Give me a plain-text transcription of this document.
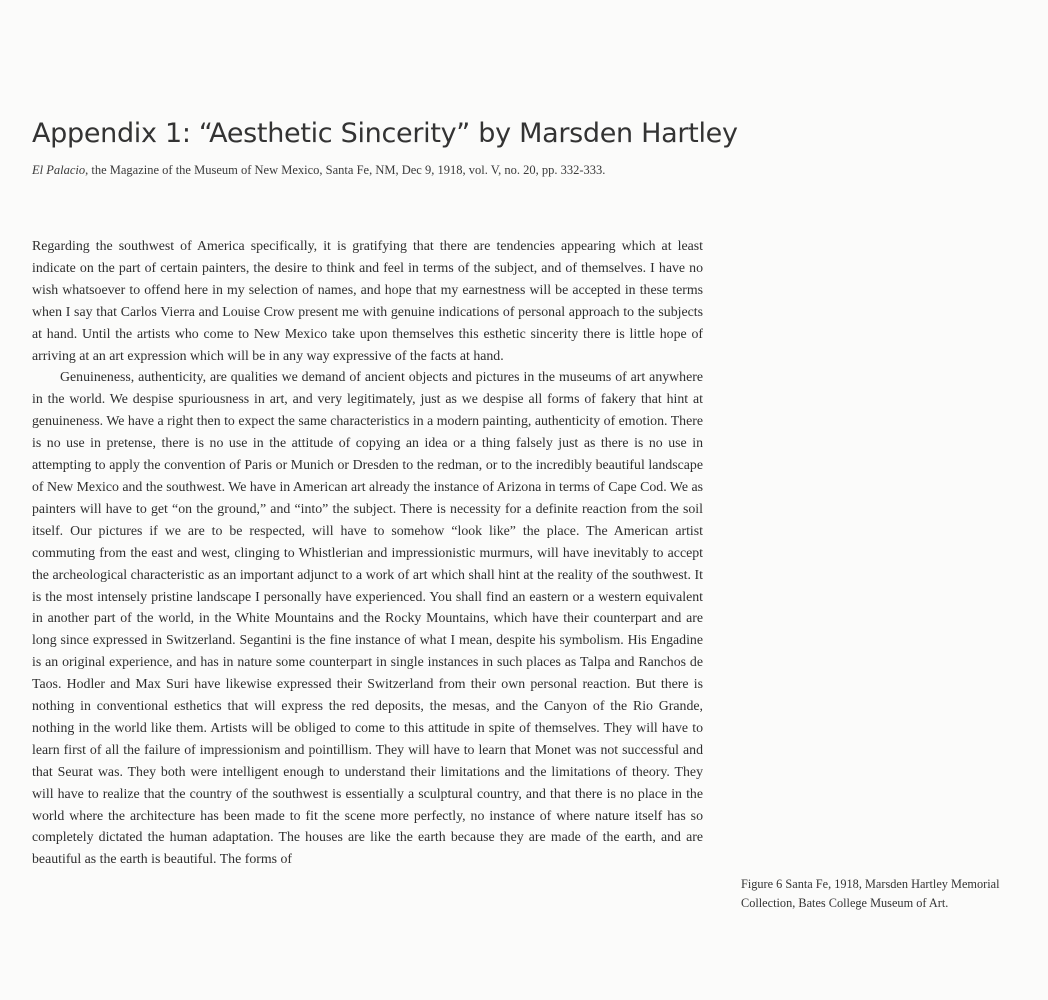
Appendix 1: “Aesthetic Sincerity” by Marsden Hartley
El Palacio, the Magazine of the Museum of New Mexico, Santa Fe, NM, Dec 9, 1918, vol. V, no. 20, pp. 332-333.

Regarding the southwest of America specifically, it is gratifying that there are tendencies appearing which at least indicate on the part of certain painters, the desire to think and feel in terms of the subject, and of themselves. I have no wish whatsoever to offend here in my selection of names, and hope that my earnestness will be accepted in these terms when I say that Carlos Vierra and Louise Crow present me with genuine indications of personal approach to the subjects at hand. Until the artists who come to New Mexico take upon themselves this esthetic sincerity there is little hope of arriving at an art expression which will be in any way expressive of the facts at hand.

Genuineness, authenticity, are qualities we demand of ancient objects and pictures in the museums of art anywhere in the world. We despise spuriousness in art, and very legitimately, just as we despise all forms of fakery that hint at genuineness. We have a right then to expect the same characteristics in a modern painting, authenticity of emotion. There is no use in pretense, there is no use in the attitude of copying an idea or a thing falsely just as there is no use in attempting to apply the convention of Paris or Munich or Dresden to the redman, or to the incredibly beautiful landscape of New Mexico and the southwest. We have in American art already the instance of Arizona in terms of Cape Cod. We as painters will have to get “on the ground,” and “into” the subject. There is necessity for a definite reaction from the soil itself. Our pictures if we are to be respected, will have to somehow “look like” the place. The American artist commuting from the east and west, clinging to Whistlerian and impressionistic murmurs, will have inevitably to accept the archeological characteristic as an important adjunct to a work of art which shall hint at the reality of the southwest. It is the most intensely pristine landscape I personally have experienced. You shall find an eastern or a western equivalent in another part of the world, in the White Mountains and the Rocky Mountains, which have their counterpart and are long since expressed in Switzerland. Segantini is the fine instance of what I mean, despite his symbolism. His Engadine is an original experience, and has in nature some counterpart in single instances in such places as Talpa and Ranchos de Taos. Hodler and Max Suri have likewise expressed their Switzerland from their own personal reaction. But there is nothing in conventional esthetics that will express the red deposits, the mesas, and the Canyon of the Rio Grande, nothing in the world like them. Artists will be obliged to come to this attitude in spite of themselves. They will have to learn first of all the failure of impressionism and pointillism. They will have to learn that Monet was not successful and that Seurat was. They both were intelligent enough to understand their limitations and the limitations of theory. They will have to realize that the country of the southwest is essentially a sculptural country, and that there is no place in the world where the architecture has been made to fit the scene more perfectly, no instance of where nature itself has so completely dictated the human adaptation. The houses are like the earth because they are made of the earth, and are beautiful as the earth is beautiful. The forms of

Figure 6 Santa Fe, 1918, Marsden Hartley Memorial Collection, Bates College Museum of Art.
